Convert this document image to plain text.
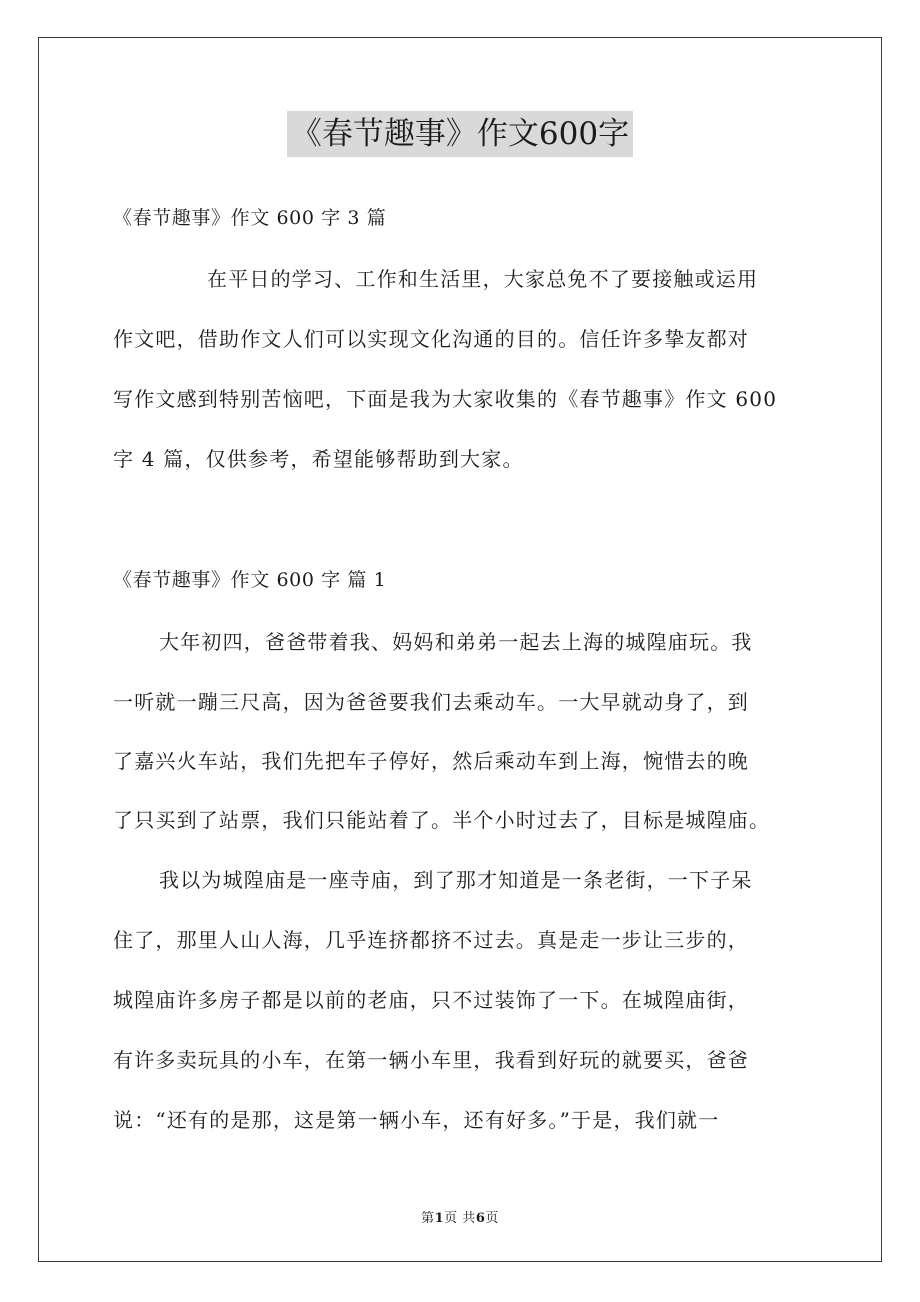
《春节趣事》作文600字
《春节趣事》作文 600 字 3 篇
在平日的学习、工作和生活里，大家总免不了要接触或运用
作文吧，借助作文人们可以实现文化沟通的目的。信任许多挚友都对
写作文感到特别苦恼吧，下面是我为大家收集的《春节趣事》作文 600
字 4 篇，仅供参考，希望能够帮助到大家。
《春节趣事》作文 600 字 篇 1
大年初四，爸爸带着我、妈妈和弟弟一起去上海的城隍庙玩。我
一听就一蹦三尺高，因为爸爸要我们去乘动车。一大早就动身了，到
了嘉兴火车站，我们先把车子停好，然后乘动车到上海，惋惜去的晚
了只买到了站票，我们只能站着了。半个小时过去了，目标是城隍庙。
我以为城隍庙是一座寺庙，到了那才知道是一条老街，一下子呆
住了，那里人山人海，几乎连挤都挤不过去。真是走一步让三步的，
城隍庙许多房子都是以前的老庙，只不过装饰了一下。在城隍庙街，
有许多卖玩具的小车，在第一辆小车里，我看到好玩的就要买，爸爸
说：“还有的是那，这是第一辆小车，还有好多。”于是，我们就一
第1页 共6页
